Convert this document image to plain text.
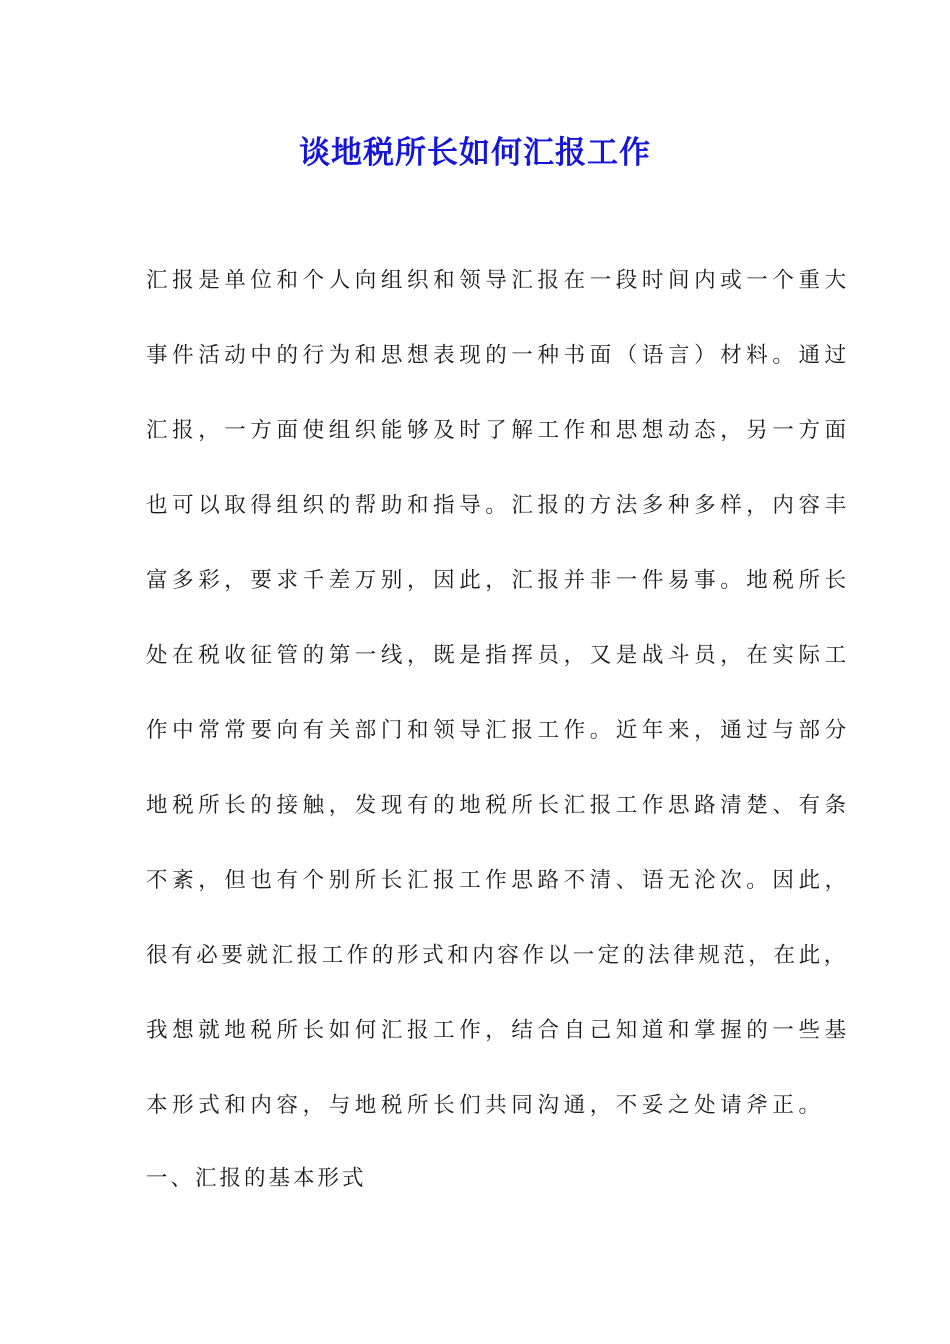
谈地税所长如何汇报工作
汇报是单位和个人向组织和领导汇报在一段时间内或一个重大
事件活动中的行为和思想表现的一种书面（语言）材料。通过
汇报，一方面使组织能够及时了解工作和思想动态，另一方面
也可以取得组织的帮助和指导。汇报的方法多种多样，内容丰
富多彩，要求千差万别，因此，汇报并非一件易事。地税所长
处在税收征管的第一线，既是指挥员，又是战斗员，在实际工
作中常常要向有关部门和领导汇报工作。近年来，通过与部分
地税所长的接触，发现有的地税所长汇报工作思路清楚、有条
不紊，但也有个别所长汇报工作思路不清、语无沦次。因此，
很有必要就汇报工作的形式和内容作以一定的法律规范，在此，
我想就地税所长如何汇报工作，结合自己知道和掌握的一些基
本形式和内容，与地税所长们共同沟通，不妥之处请斧正。
一、汇报的基本形式
